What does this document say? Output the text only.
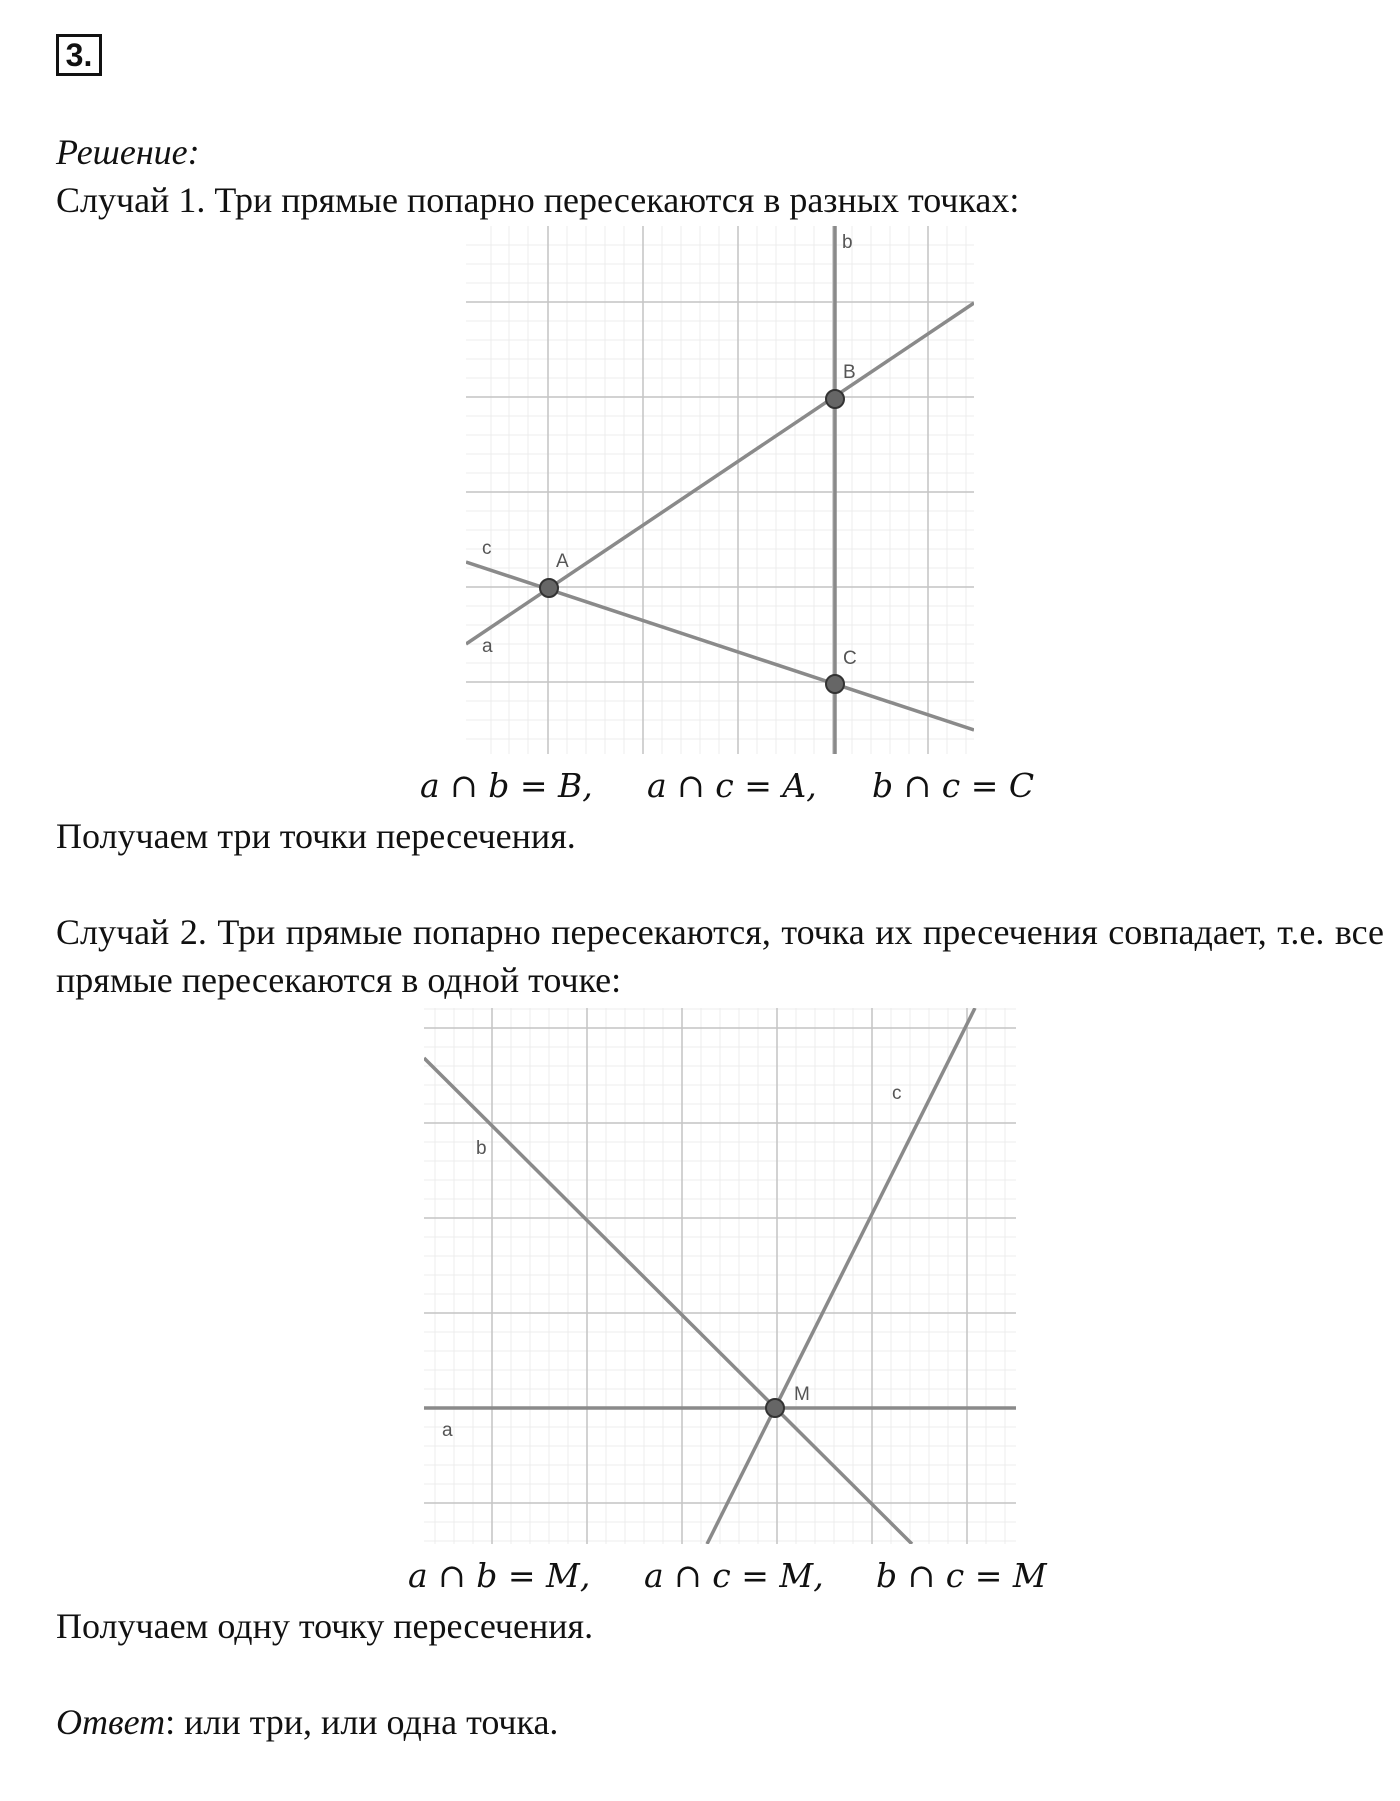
3.
Решение:
Случай 1. Три прямые попарно пересекаются в разных точках:
b
B
c
A
a
C
a ∩ b = B, a ∩ c = A, b ∩ c = C
Получаем три точки пересечения.
Случай 2. Три прямые попарно пересекаются, точка их пресечения совпадает, т.е. все
прямые пересекаются в одной точке:
c
b
M
a
a ∩ b = M, a ∩ c = M, b ∩ c = M
Получаем одну точку пересечения.
Ответ: или три, или одна точка.
